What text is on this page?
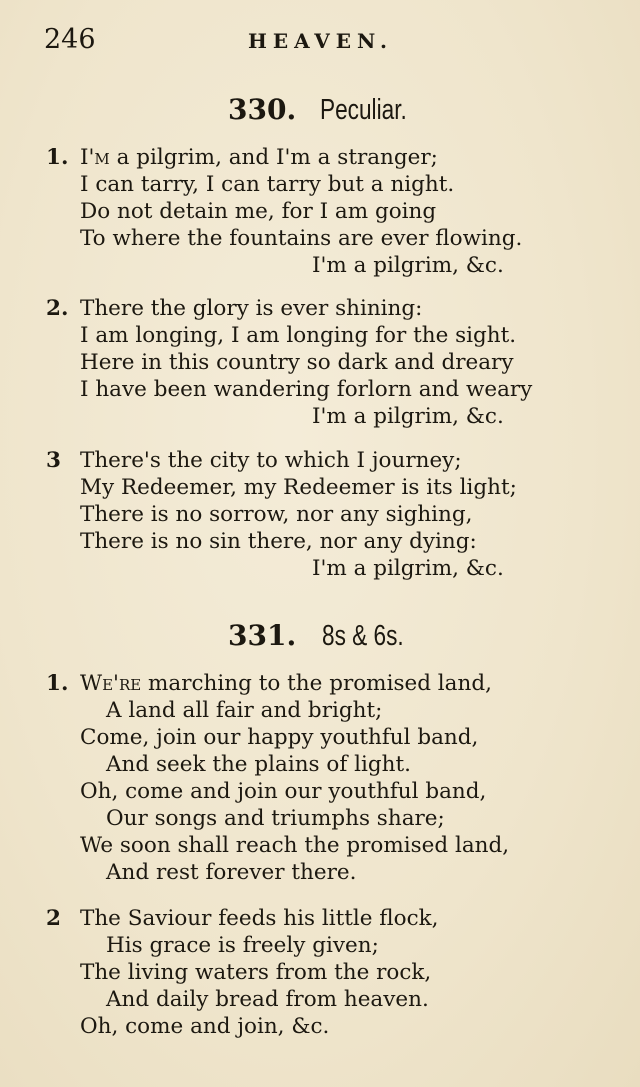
246	HEAVEN.
330. Peculiar.
1. I'm a pilgrim, and I'm a stranger;
I can tarry, I can tarry but a night.
Do not detain me, for I am going
To where the fountains are ever flowing.
I'm a pilgrim, &c.
2. There the glory is ever shining:
I am longing, I am longing for the sight.
Here in this country so dark and dreary
I have been wandering forlorn and weary
I'm a pilgrim, &c.
3 There's the city to which I journey;
My Redeemer, my Redeemer is its light;
There is no sorrow, nor any sighing,
There is no sin there, nor any dying:
I'm a pilgrim, &c.
331. 8s & 6s.
1. We're marching to the promised land,
A land all fair and bright;
Come, join our happy youthful band,
And seek the plains of light.
Oh, come and join our youthful band,
Our songs and triumphs share;
We soon shall reach the promised land,
And rest forever there.
2 The Saviour feeds his little flock,
His grace is freely given;
The living waters from the rock,
And daily bread from heaven.
Oh, come and join, &c.
